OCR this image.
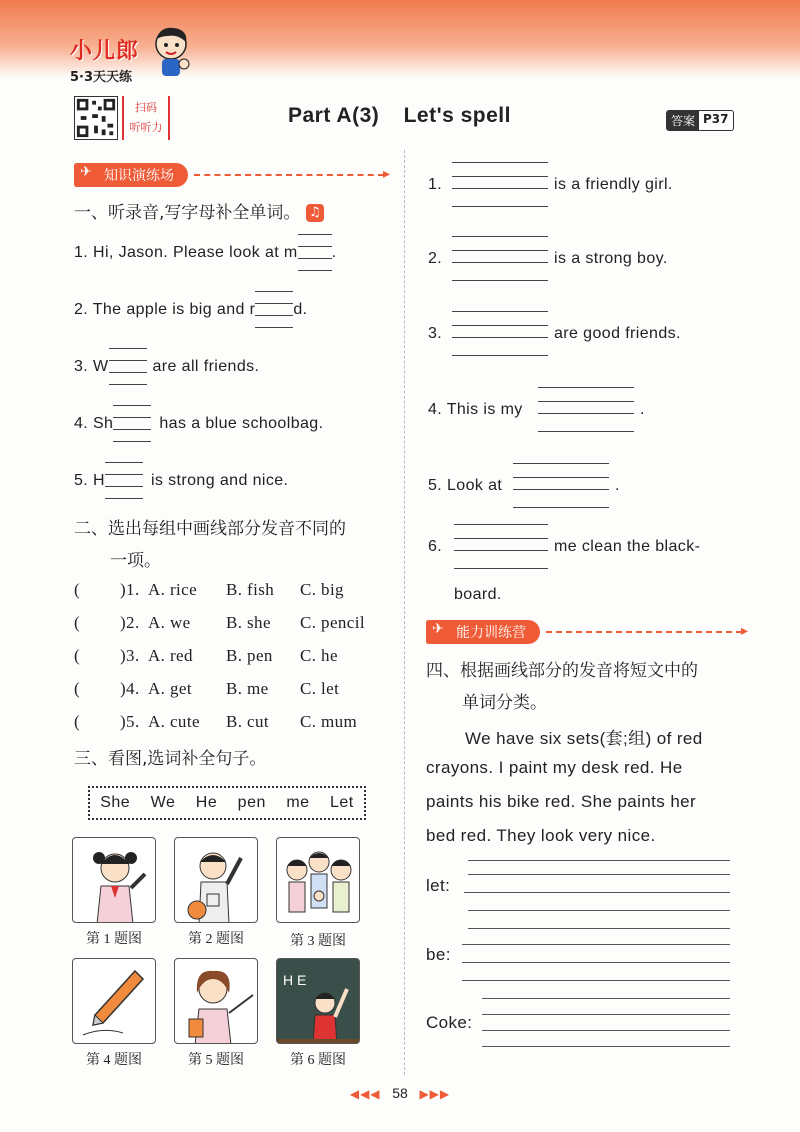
小儿郎
5·3天天练
扫码
听听力
Part A(3) Let's spell	答案 P37
✈ 知识演练场
▸
一、听录音,写字母补全单词。 ♫
1. Hi, Jason. Please look at m .
2. The apple is big and r d.
3. W	are all friends.
4. Sh	has a blue schoolbag.
5. H	is strong and nice.
二、选出每组中画线部分发音不同的
一项。
( )1. A. rice B. fish C. big
( )2. A. we B. she C. pencil
( )3. A. red B. pen C. he
( )4. A. get B. me C. let
( )5. A. cute B. cut C. mum
三、看图,选词补全句子。
She We He pen me Let
第 1 题图	第 2 题图	第 3 题图
H E
第 4 题图	第 5 题图	第 6 题图
1.	is a friendly girl.
2.	is a strong boy.
3.	are good friends.
4. This is my	.
5. Look at	.
6.	me clean the black-
board.
✈ 能力训练营
▸
四、根据画线部分的发音将短文中的
单词分类。
We have six sets(套;组) of red
crayons. I paint my desk red. He
paints his bike red. She paints her
bed red. They look very nice.
let:
be:
Coke:
◀◀◀ 58 ▶▶▶
